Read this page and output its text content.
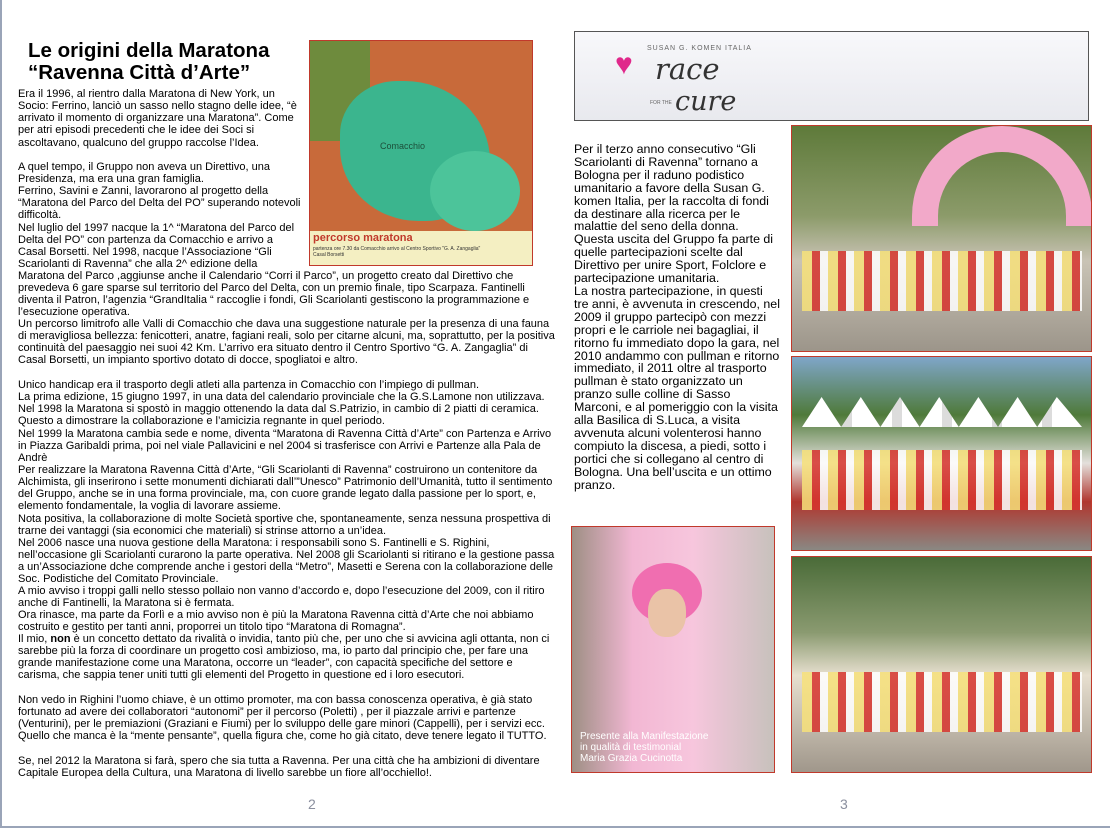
Le origini della Maratona
“Ravenna Città d’Arte”

Era il 1996, al rientro dalla Maratona di New York, un Socio: Ferrino, lanciò un sasso nello stagno delle idee, “è arrivato il momento di organizzare una Maratona”. Come per atri episodi precedenti che le idee dei Soci si ascoltavano, qualcuno del gruppo raccolse l’Idea.

A quel tempo, il Gruppo non aveva un Direttivo, una Presidenza, ma era una gran famiglia.

Ferrino, Savini e Zanni, lavorarono al progetto della “Maratona del Parco del Delta del PO” superando notevoli difficoltà.

Nel luglio del 1997 nacque la 1^ “Maratona del Parco del Delta del PO” con partenza da Comacchio e arrivo a Casal Borsetti. Nel 1998, nacque l’Associazione “Gli Scariolanti di Ravenna” che alla 2^ edizione della

Comacchio
percorso maratona
partenza ore 7.30 da Comacchio arrivo al Centro Sportivo "G. A. Zangaglia" Casal Borsetti

Maratona del Parco ,aggiunse anche il Calendario “Corri il Parco”, un progetto creato dal Direttivo che prevedeva 6 gare sparse sul territorio del Parco del Delta, con un premio finale, tipo Scarpaza. Fantinelli diventa il Patron, l’agenzia “GrandItalia “ raccoglie i fondi, Gli Scariolanti gestiscono la programmazione e l’esecuzione operativa.

Un percorso limitrofo alle Valli di Comacchio che dava una suggestione naturale per la presenza di una fauna di meravigliosa bellezza: fenicotteri, anatre, fagiani reali, solo per citarne alcuni, ma, soprattutto, per la positiva continuità del paesaggio nei suoi 42 Km. L’arrivo era situato dentro il Centro Sportivo “G. A. Zangaglia” di Casal Borsetti, un impianto sportivo dotato di docce, spogliatoi e altro.

Unico handicap era il trasporto degli atleti alla partenza in Comacchio con l’impiego di pullman.

La prima edizione, 15 giugno 1997, in una data del calendario provinciale che la G.S.Lamone non utilizzava. Nel 1998 la Maratona si spostò in maggio ottenendo la data dal S.Patrizio, in cambio di 2 piatti di ceramica. Questo a dimostrare la collaborazione e l’amicizia regnante in quel periodo.

Nel 1999 la Maratona cambia sede e nome, diventa “Maratona di Ravenna Città d’Arte” con Partenza e Arrivo in Piazza Garibaldi prima, poi nel viale Pallavicini e nel 2004 si trasferisce con Arrivi e Partenze alla Pala de Andrè

Per realizzare la Maratona Ravenna Città d’Arte, “Gli Scariolanti di Ravenna” costruirono un contenitore da Alchimista, gli inserirono i sette monumenti dichiarati dall’”Unesco” Patrimonio dell’Umanità, tutto il sentimento del Gruppo, anche se in una forma provinciale, ma, con cuore grande legato dalla passione per lo sport, e, elemento fondamentale, la voglia di lavorare assieme.

Nota positiva, la collaborazione di molte Società sportive che, spontaneamente, senza nessuna prospettiva di trarne dei vantaggi (sia economici che materiali) si strinse attorno a un’idea.

Nel 2006 nasce una nuova gestione della Maratona: i responsabili sono S. Fantinelli e S. Righini, nell’occasione gli Scariolanti curarono la parte operativa. Nel 2008 gli Scariolanti si ritirano e la gestione passa a un’Associazione dche comprende anche i gestori della “Metro”, Masetti e Serena con la collaborazione delle Soc. Podistiche del Comitato Provinciale.

A mio avviso i troppi galli nello stesso pollaio non vanno d’accordo e, dopo l’esecuzione del 2009, con il ritiro anche di Fantinelli, la Maratona si è fermata.

Ora rinasce, ma parte da Forlì e a mio avviso non è più la Maratona Ravenna città d’Arte che noi abbiamo costruito e gestito per tanti anni, proporrei un titolo tipo “Maratona di Romagna”.

Il mio, non è un concetto dettato da rivalità o invidia, tanto più che, per uno che si avvicina agli ottanta, non ci sarebbe più la forza di coordinare un progetto così ambizioso, ma, io parto dal principio che, per fare una grande manifestazione come una Maratona, occorre un “leader”, con capacità specifiche del settore e carisma, che sappia tener uniti tutti gli elementi del Progetto in questione ed i loro esecutori.

Non vedo in Righini l’uomo chiave, è un ottimo promoter, ma con bassa conoscenza operativa, è già stato fortunato ad avere dei collaboratori “autonomi” per il percorso (Poletti) , per il piazzale arrivi e partenze (Venturini), per le premiazioni (Graziani e Fiumi) per lo sviluppo delle gare minori (Cappelli), per i servizi ecc. Quello che manca è la “mente pensante”, quella figura che, come ho già citato, deve tenere legato il TUTTO.

Se, nel 2012 la Maratona si farà, spero che sia tutta a Ravenna. Per una città che ha ambizioni di diventare Capitale Europea della Cultura, una Maratona di livello sarebbe un fiore all’occhiello!.

2
♥ SUSAN G. KOMEN ITALIA
race
FOR THE cure

Per il terzo anno consecutivo “Gli Scariolanti di Ravenna” tornano a Bologna per il raduno podistico umanitario a favore della Susan G. komen Italia, per la raccolta di fondi da destinare alla ricerca per le malattie del seno della donna. Questa uscita del Gruppo fa parte di quelle partecipazioni scelte dal Direttivo per unire Sport, Folclore e partecipazione umanitaria.

La nostra partecipazione, in questi tre anni, è avvenuta in crescendo, nel 2009 il gruppo partecipò con mezzi propri e le carriole nei bagagliai, il ritorno fu immediato dopo la gara, nel 2010 andammo con pullman e ritorno immediato, il 2011 oltre al trasporto pullman è stato organizzato un pranzo sulle colline di Sasso Marconi, e al pomeriggio con la visita alla Basilica di S.Luca, a visita avvenuta alcuni volenterosi hanno compiuto la discesa, a piedi, sotto i portici che si collegano al centro di Bologna. Una bell’uscita e un ottimo pranzo.

Presente alla Manifestazione
in qualità di testimonial
Maria Grazia Cucinotta
3
